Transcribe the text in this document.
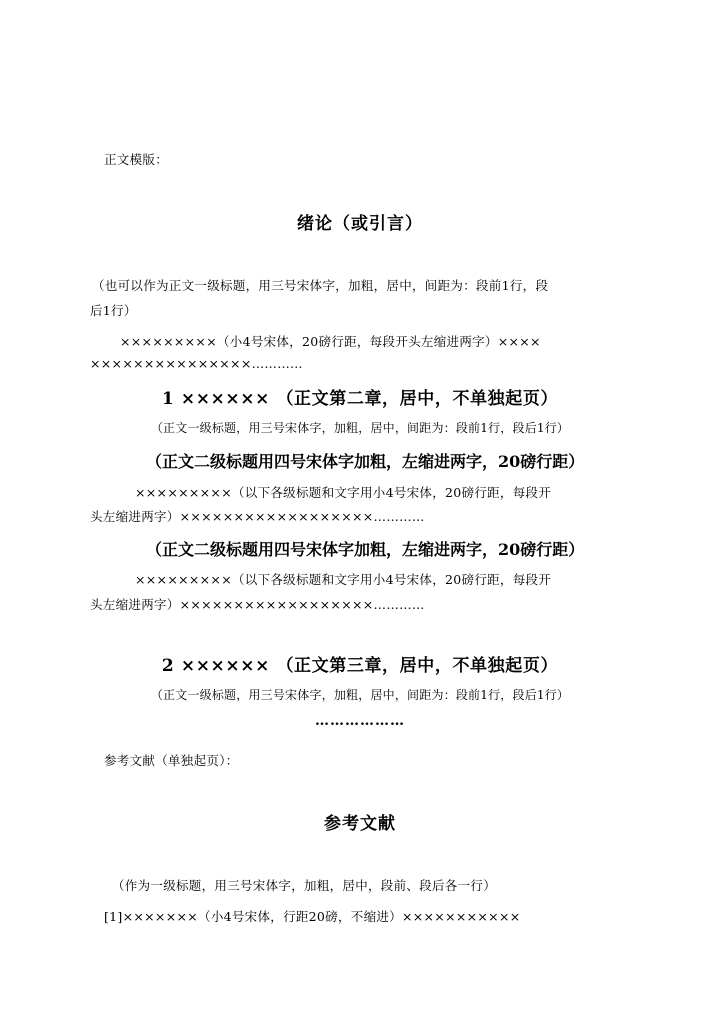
正文模版：
绪论（或引言）
（也可以作为正文一级标题，用三号宋体字，加粗，居中，间距为：段前1行，段
后1行）
×××××××××（小4号宋体，20磅行距，每段开头左缩进两字）××××
×××××××××××××××…………
1 ×××××× （正文第二章，居中，不单独起页）
（正文一级标题，用三号宋体字，加粗，居中，间距为：段前1行，段后1行）
（正文二级标题用四号宋体字加粗，左缩进两字，20磅行距）
×××××××××（以下各级标题和文字用小4号宋体，20磅行距，每段开
头左缩进两字）××××××××××××××××××…………
（正文二级标题用四号宋体字加粗，左缩进两字，20磅行距）
×××××××××（以下各级标题和文字用小4号宋体，20磅行距，每段开
头左缩进两字）××××××××××××××××××…………
2 ×××××× （正文第三章，居中，不单独起页）
（正文一级标题，用三号宋体字，加粗，居中，间距为：段前1行，段后1行）
………………
参考文献（单独起页）：
参考文献
（作为一级标题，用三号宋体字，加粗，居中，段前、段后各一行）
[1]×××××××（小4号宋体，行距20磅，不缩进）×××××××××××
